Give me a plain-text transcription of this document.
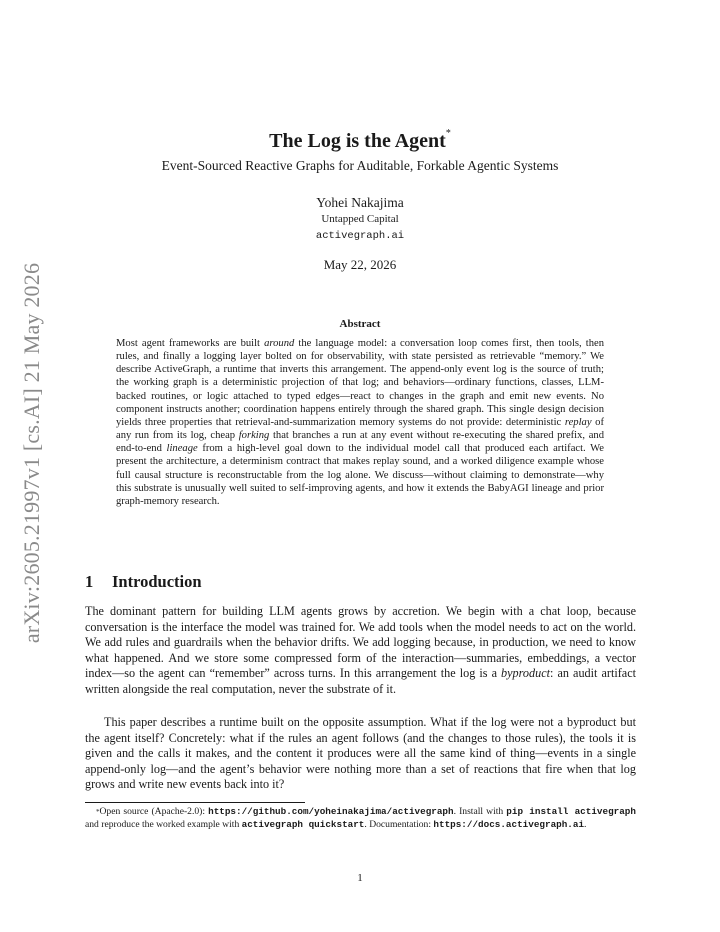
arXiv:2605.21997v1 [cs.AI] 21 May 2026
The Log is the Agent*
Event-Sourced Reactive Graphs for Auditable, Forkable Agentic Systems
Yohei Nakajima
Untapped Capital
activegraph.ai
May 22, 2026
Abstract

Most agent frameworks are built around the language model: a conversation loop comes first, then tools, then rules, and finally a logging layer bolted on for observability, with state persisted as retrievable “memory.” We describe ActiveGraph, a runtime that inverts this arrangement. The append-only event log is the source of truth; the working graph is a deterministic projection of that log; and behaviors—ordinary functions, classes, LLM-backed routines, or logic attached to typed edges—react to changes in the graph and emit new events. No component instructs another; coordination happens entirely through the shared graph. This single design decision yields three properties that retrieval-and-summarization memory systems do not provide: deterministic replay of any run from its log, cheap forking that branches a run at any event without re-executing the shared prefix, and end-to-end lineage from a high-level goal down to the individual model call that produced each artifact. We present the architecture, a determinism contract that makes replay sound, and a worked diligence example whose full causal structure is reconstructable from the log alone. We discuss—without claiming to demonstrate—why this substrate is unusually well suited to self-improving agents, and how it extends the BabyAGI lineage and prior graph-memory research.

1 Introduction

The dominant pattern for building LLM agents grows by accretion. We begin with a chat loop, because conversation is the interface the model was trained for. We add tools when the model needs to act on the world. We add rules and guardrails when the behavior drifts. We add logging because, in production, we need to know what happened. And we store some compressed form of the interaction—summaries, embeddings, a vector index—so the agent can “remember” across turns. In this arrangement the log is a byproduct: an audit artifact written alongside the real computation, never the substrate of it.

This paper describes a runtime built on the opposite assumption. What if the log were not a byproduct but the agent itself? Concretely: what if the rules an agent follows (and the changes to those rules), the tools it is given and the calls it makes, and the content it produces were all the same kind of thing—events in a single append-only log—and the agent’s behavior were nothing more than a set of reactions that fire when that log grows and write new events back into it?

*Open source (Apache-2.0): https://github.com/yoheinakajima/activegraph. Install with pip install activegraph and reproduce the worked example with activegraph quickstart. Documentation: https://docs.activegraph.ai.

1
